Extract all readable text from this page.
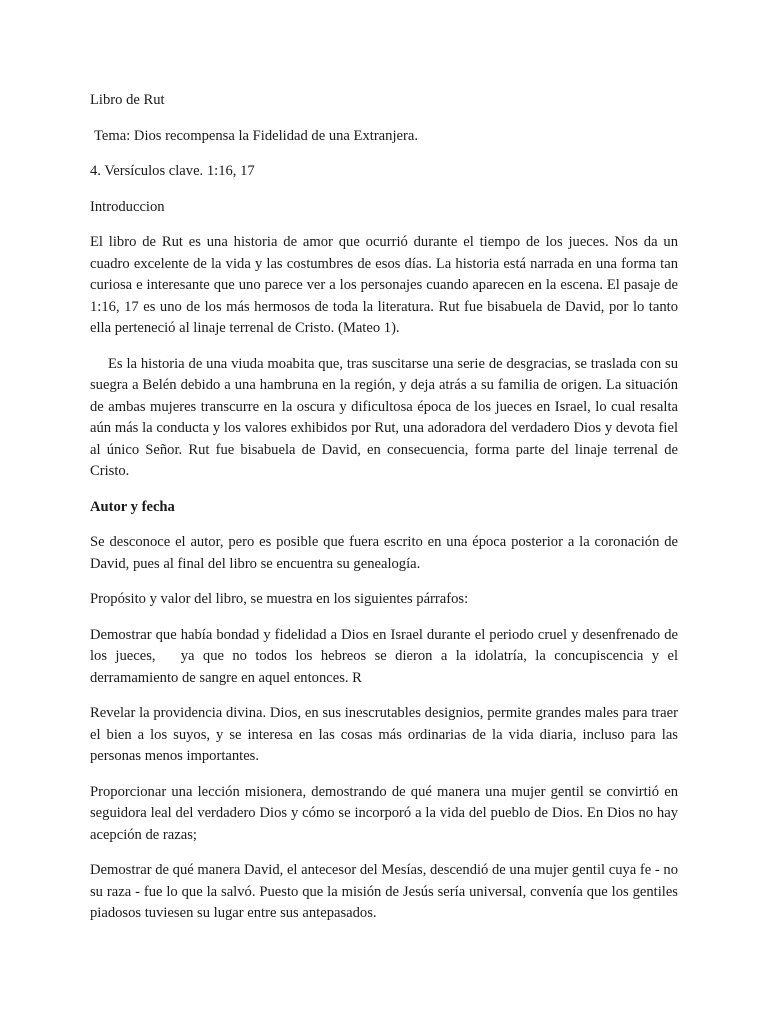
Libro de Rut

Tema: Dios recompensa la Fidelidad de una Extranjera.

4. Versículos clave. 1:16, 17

Introduccion

El libro de Rut es una historia de amor que ocurrió durante el tiempo de los jueces. Nos da un cuadro excelente de la vida y las costumbres de esos días. La historia está narrada en una forma tan curiosa e interesante que uno parece ver a los personajes cuando aparecen en la escena. El pasaje de 1:16, 17 es uno de los más hermosos de toda la literatura. Rut fue bisabuela de David, por lo tanto ella perteneció al linaje terrenal de Cristo. (Mateo 1).

Es la historia de una viuda moabita que, tras suscitarse una serie de desgracias, se traslada con su suegra a Belén debido a una hambruna en la región, y deja atrás a su familia de origen. La situación de ambas mujeres transcurre en la oscura y dificultosa época de los jueces en Israel, lo cual resalta aún más la conducta y los valores exhibidos por Rut, una adoradora del verdadero Dios y devota fiel al único Señor. Rut fue bisabuela de David, en consecuencia, forma parte del linaje terrenal de Cristo.

Autor y fecha

Se desconoce el autor, pero es posible que fuera escrito en una época posterior a la coronación de David, pues al final del libro se encuentra su genealogía.

Propósito y valor del libro, se muestra en los siguientes párrafos:

Demostrar que había bondad y fidelidad a Dios en Israel durante el periodo cruel y desenfrenado de los jueces,   ya que no todos los hebreos se dieron a la idolatría, la concupiscencia y el derramamiento de sangre en aquel entonces. R

Revelar la providencia divina. Dios, en sus inescrutables designios, permite grandes males para traer el bien a los suyos, y se interesa en las cosas más ordinarias de la vida diaria, incluso para las personas menos importantes.

Proporcionar una lección misionera, demostrando de qué manera una mujer gentil se convirtió en seguidora leal del verdadero Dios y cómo se incorporó a la vida del pueblo de Dios. En Dios no hay acepción de razas;

Demostrar de qué manera David, el antecesor del Mesías, descendió de una mujer gentil cuya fe - no su raza - fue lo que la salvó. Puesto que la misión de Jesús sería universal, convenía que los gentiles piadosos tuviesen su lugar entre sus antepasados.
